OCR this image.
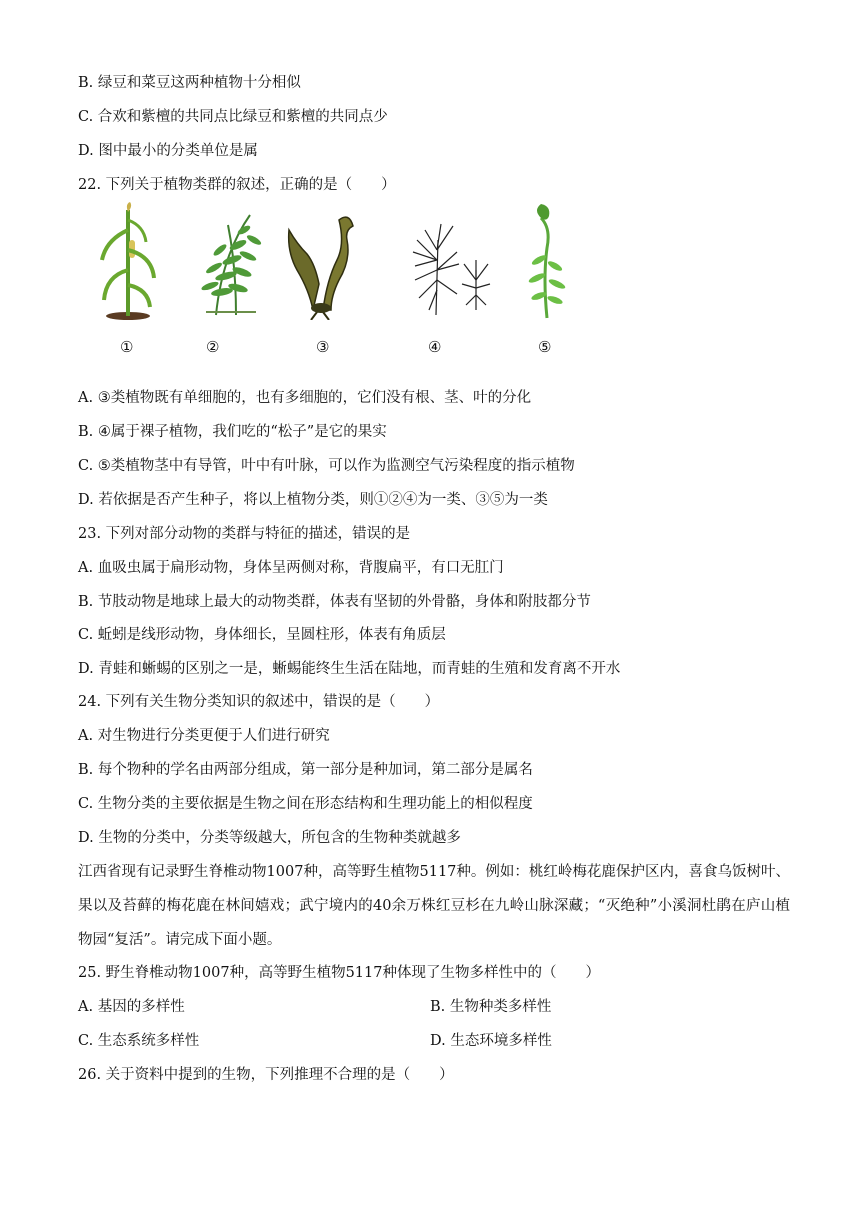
B. 绿豆和菜豆这两种植物十分相似
C. 合欢和紫檀的共同点比绿豆和紫檀的共同点少
D. 图中最小的分类单位是属
22. 下列关于植物类群的叙述，正确的是（　　）
①	②	③	④	⑤
A. ③类植物既有单细胞的，也有多细胞的，它们没有根、茎、叶的分化
B. ④属于裸子植物，我们吃的“松子”是它的果实
C. ⑤类植物茎中有导管，叶中有叶脉，可以作为监测空气污染程度的指示植物
D. 若依据是否产生种子，将以上植物分类，则①②④为一类、③⑤为一类
23. 下列对部分动物的类群与特征的描述，错误的是
A. 血吸虫属于扁形动物，身体呈两侧对称，背腹扁平，有口无肛门
B. 节肢动物是地球上最大的动物类群，体表有坚韧的外骨骼，身体和附肢都分节
C. 蚯蚓是线形动物，身体细长，呈圆柱形，体表有角质层
D. 青蛙和蜥蜴的区别之一是，蜥蜴能终生生活在陆地，而青蛙的生殖和发育离不开水
24. 下列有关生物分类知识的叙述中，错误的是（　　）
A. 对生物进行分类更便于人们进行研究
B. 每个物种的学名由两部分组成，第一部分是种加词，第二部分是属名
C. 生物分类的主要依据是生物之间在形态结构和生理功能上的相似程度
D. 生物的分类中，分类等级越大，所包含的生物种类就越多
江西省现有记录野生脊椎动物1007种，高等野生植物5117种。例如：桃红岭梅花鹿保护区内，喜食乌饭树叶、果以及苔藓的梅花鹿在林间嬉戏；武宁境内的40余万株红豆杉在九岭山脉深藏；“灭绝种”小溪洞杜鹃在庐山植物园“复活”。请完成下面小题。
25. 野生脊椎动物1007种，高等野生植物5117种体现了生物多样性中的（　　）
A. 基因的多样性	B. 生物种类多样性
C. 生态系统多样性	D. 生态环境多样性
26. 关于资料中提到的生物，下列推理不合理的是（　　）
